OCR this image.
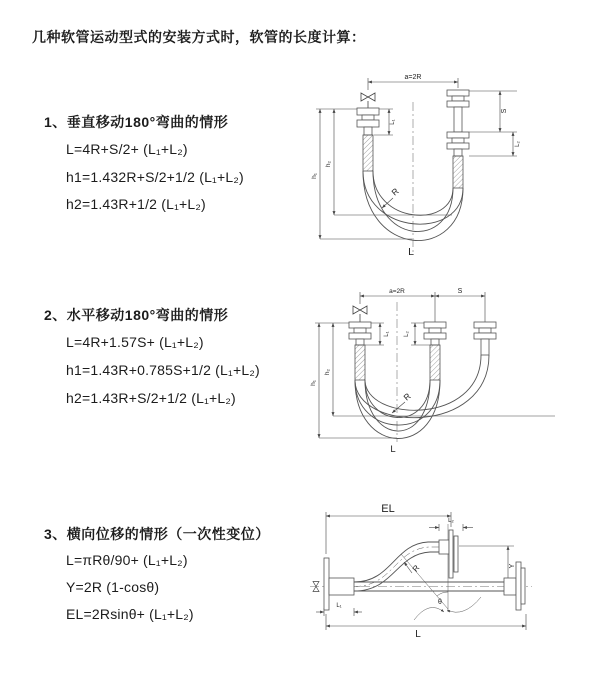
几种软管运动型式的安装方式时，软管的长度计算：
1、垂直移动180°弯曲的情形
L=4R+S/2+ (L₁+L₂)
h1=1.432R+S/2+1/2 (L₁+L₂)
h2=1.43R+1/2 (L₁+L₂)
2、水平移动180°弯曲的情形
L=4R+1.57S+ (L₁+L₂)
h1=1.43R+0.785S+1/2 (L₁+L₂)
h2=1.43R+S/2+1/2 (L₁+L₂)
3、横向位移的情形（一次性变位）
L=πRθ/90+ (L₁+L₂)
Y=2R (1-cosθ)
EL=2Rsinθ+ (L₁+L₂)
a=2R
L₁
S
L₂
h₁
h₂
R
L
a=2R	S
L₁ L₂
h₁
h₂
R
L
EL
L₂
Y
R
θ
L
L₁
